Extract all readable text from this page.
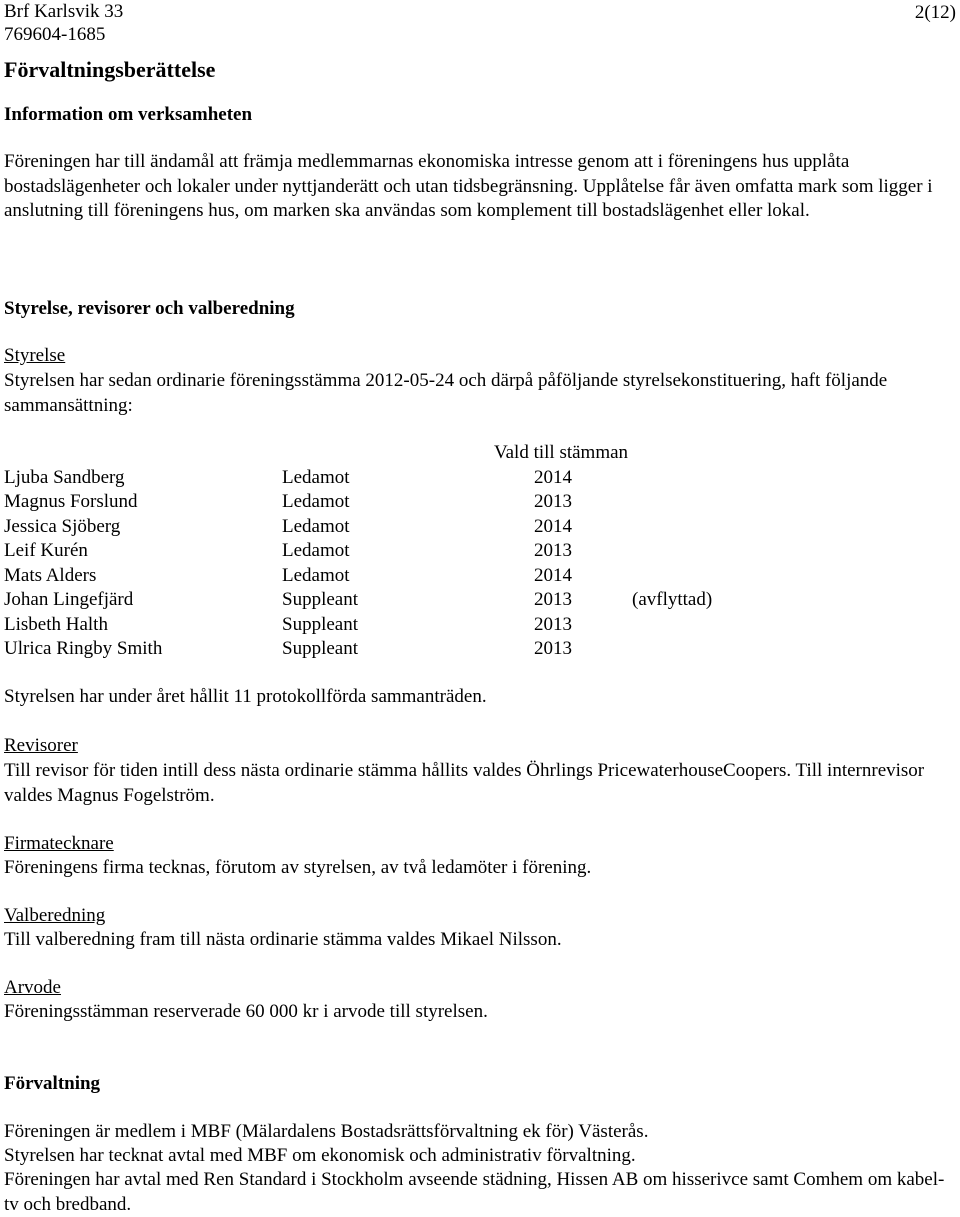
Brf Karlsvik 33
769604-1685
2(12)
Förvaltningsberättelse
Information om verksamheten
Föreningen har till ändamål att främja medlemmarnas ekonomiska intresse genom att i föreningens hus upplåta bostadslägenheter och lokaler under nyttjanderätt och utan tidsbegränsning. Upplåtelse får även omfatta mark som ligger i anslutning till föreningens hus, om marken ska användas som komplement till bostadslägenhet eller lokal.
Styrelse, revisorer och valberedning
Styrelse
Styrelsen har sedan ordinarie föreningsstämma 2012-05-24 och därpå påföljande styrelsekonstituering, haft följande sammansättning:
Vald till stämman
Ljuba Sandberg	Ledamot	2014
Magnus Forslund	Ledamot	2013
Jessica Sjöberg	Ledamot	2014
Leif Kurén	Ledamot	2013
Mats Alders	Ledamot	2014
Johan Lingefjärd	Suppleant	2013	(avflyttad)
Lisbeth Halth	Suppleant	2013
Ulrica Ringby Smith	Suppleant	2013
Styrelsen har under året hållit 11 protokollförda sammanträden.
Revisorer
Till revisor för tiden intill dess nästa ordinarie stämma hållits valdes Öhrlings PricewaterhouseCoopers. Till internrevisor valdes Magnus Fogelström.
Firmatecknare
Föreningens firma tecknas, förutom av styrelsen, av två ledamöter i förening.
Valberedning
Till valberedning fram till nästa ordinarie stämma valdes Mikael Nilsson.
Arvode
Föreningsstämman reserverade 60 000 kr i arvode till styrelsen.
Förvaltning
Föreningen är medlem i MBF (Mälardalens Bostadsrättsförvaltning ek för) Västerås.
Styrelsen har tecknat avtal med MBF om ekonomisk och administrativ förvaltning.
Föreningen har avtal med Ren Standard i Stockholm avseende städning, Hissen AB om hisserivce samt Comhem om kabel-tv och bredband.
